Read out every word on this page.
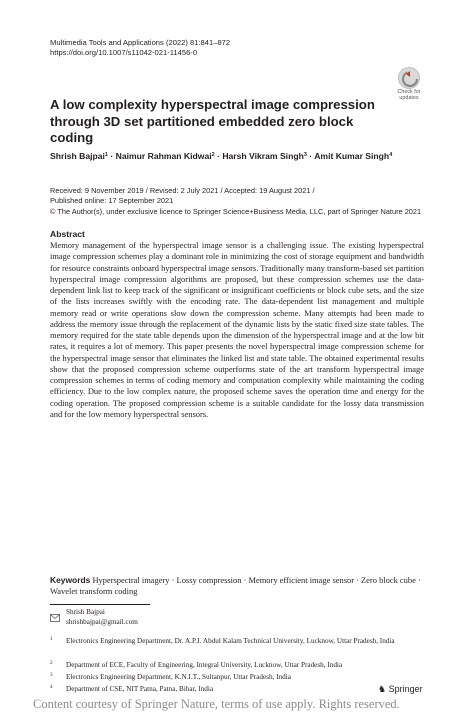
Multimedia Tools and Applications (2022) 81:841–872
https://doi.org/10.1007/s11042-021-11456-0
Check for
updates
A low complexity hyperspectral image compression through 3D set partitioned embedded zero block coding
Shrish Bajpai$^1$ · Naimur Rahman Kidwai$^2$ · Harsh Vikram Singh$^3$ · Amit Kumar Singh$^4$
Received: 9 November 2019 / Revised: 2 July 2021 / Accepted: 19 August 2021 /
Published online: 17 September 2021
© The Author(s), under exclusive licence to Springer Science+Business Media, LLC, part of Springer Nature 2021
Abstract
Memory management of the hyperspectral image sensor is a challenging issue. The existing hyperspectral image compression schemes play a dominant role in minimizing the cost of storage equipment and bandwidth for resource constraints onboard hyperspectral image sensors. Traditionally many transform-based set partition hyperspectral image compression algorithms are proposed, but these compression schemes use the data-dependent link list to keep track of the significant or insignificant coefficients or block cube sets, and the size of the lists increases swiftly with the encoding rate. The data-dependent list management and multiple memory read or write operations slow down the compression scheme. Many attempts had been made to address the memory issue through the replacement of the dynamic lists by the static fixed size state tables. The memory required for the state table depends upon the dimension of the hyperspectral image and at the low bit rates, it requires a lot of memory. This paper presents the novel hyperspectral image compression scheme for the hyperspectral image sensor that eliminates the linked list and state table. The obtained experimental results show that the proposed compression scheme outperforms state of the art transform hyperspectral image compression schemes in terms of coding memory and computation complexity while maintaining the coding efficiency. Due to the low complex nature, the proposed scheme saves the operation time and energy for the coding operation. The proposed compression scheme is a suitable candidate for the lossy data transmission and for the low memory hyperspectral sensors.
Keywords Hyperspectral imagery · Lossy compression · Memory efficient image sensor · Zero block cube · Wavelet transform coding
Shrish Bajpai
shrishbajpai@gmail.com
1 Electronics Engineering Department, Dr. A.P.J. Abdul Kalam Technical University, Lucknow, Uttar Pradesh, India
2 Department of ECE, Faculty of Engineering, Integral University, Lucknow, Uttar Pradesh, India
3 Electronics Engineering Department, K.N.I.T., Sultanpur, Uttar Pradesh, India
4 Department of CSE, NIT Patna, Patna, Bihar, India	♞ Springer
Content courtesy of Springer Nature, terms of use apply. Rights reserved.
